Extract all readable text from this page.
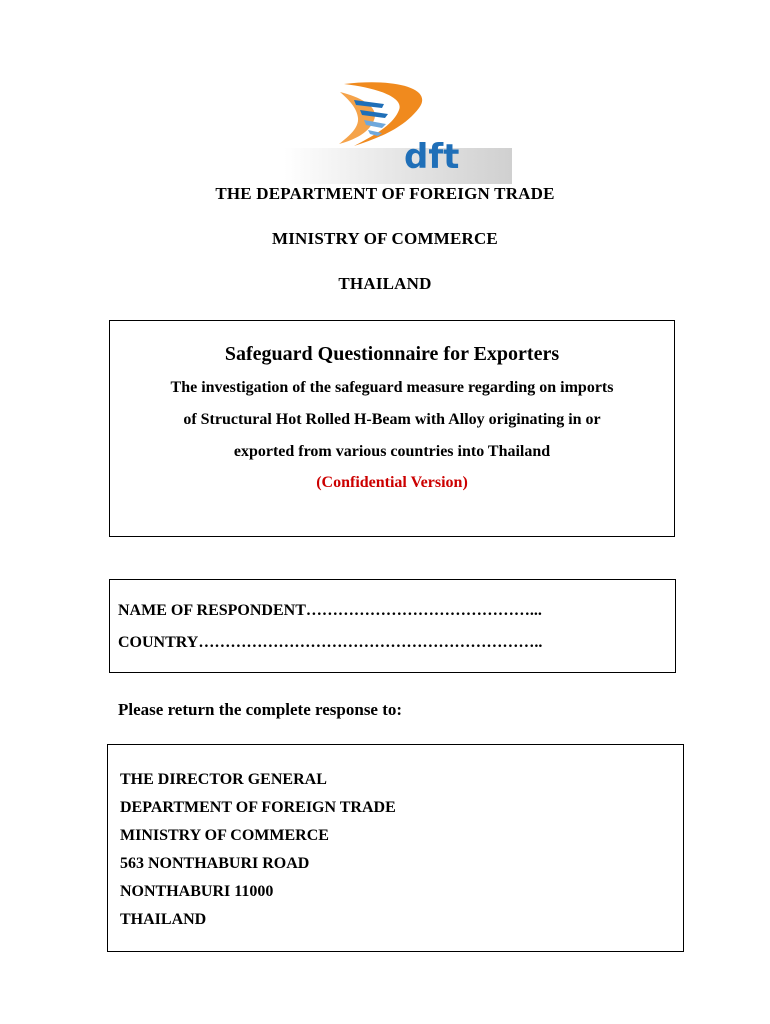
dft
THE DEPARTMENT OF FOREIGN TRADE
MINISTRY OF COMMERCE
THAILAND
Safeguard Questionnaire for Exporters
The investigation of the safeguard measure regarding on imports
of Structural Hot Rolled H-Beam with Alloy originating in or
exported from various countries into Thailand
(Confidential Version)
NAME OF RESPONDENT……………………………………...
COUNTRY………………………………………………………..
Please return the complete response to:
THE DIRECTOR GENERAL
DEPARTMENT OF FOREIGN TRADE
MINISTRY OF COMMERCE
563 NONTHABURI ROAD
NONTHABURI 11000
THAILAND
